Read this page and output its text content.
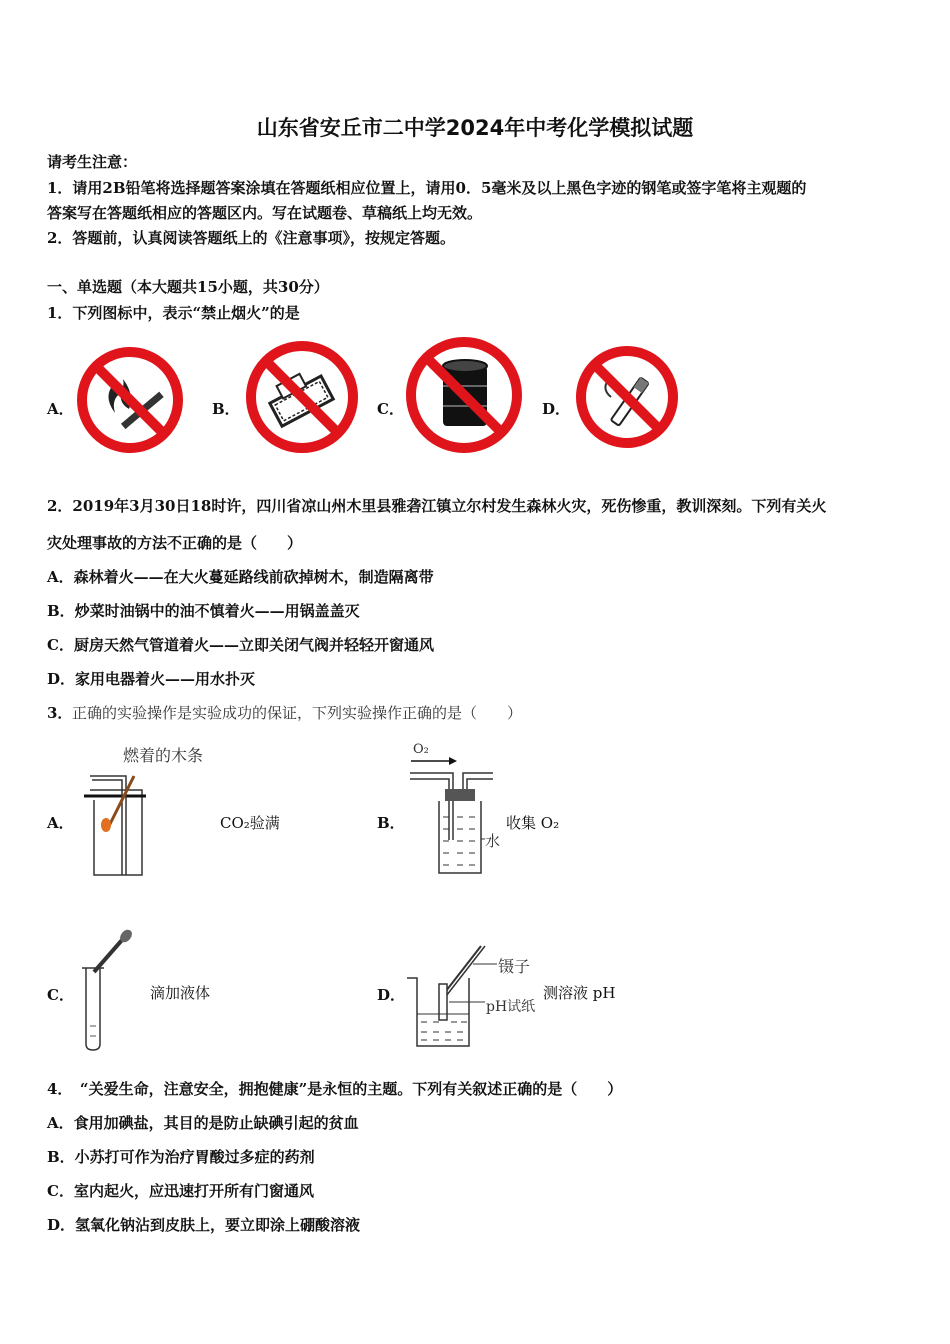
山东省安丘市二中学2024年中考化学模拟试题
请考生注意：
1．请用2B铅笔将选择题答案涂填在答题纸相应位置上，请用0．5毫米及以上黑色字迹的钢笔或签字笔将主观题的
答案写在答题纸相应的答题区内。写在试题卷、草稿纸上均无效。
2．答题前，认真阅读答题纸上的《注意事项》，按规定答题。
一、单选题（本大题共15小题，共30分）
1．下列图标中，表示“禁止烟火”的是
A．	B．	C．	D．
2．2019年3月30日18时许，四川省凉山州木里县雅砻江镇立尔村发生森林火灾，死伤惨重，教训深刻。下列有关火
灾处理事故的方法不正确的是（　　）
A．森林着火——在大火蔓延路线前砍掉树木，制造隔离带
B．炒菜时油锅中的油不慎着火——用锅盖盖灭
C．厨房天然气管道着火——立即关闭气阀并轻轻开窗通风
D．家用电器着火——用水扑灭
3． 正确的实验操作是实验成功的保证，下列实验操作正确的是（　　）
A．
燃着的木条
CO₂验满	B．
O₂
水
收集 O₂
C．	滴加液体	D．
镊子
pH试纸
测溶液 pH
4．　“关爱生命，注意安全，拥抱健康”是永恒的主题。下列有关叙述正确的是（　　）
A．食用加碘盐，其目的是防止缺碘引起的贫血
B．小苏打可作为治疗胃酸过多症的药剂
C．室内起火，应迅速打开所有门窗通风
D．氢氧化钠沾到皮肤上，要立即涂上硼酸溶液
